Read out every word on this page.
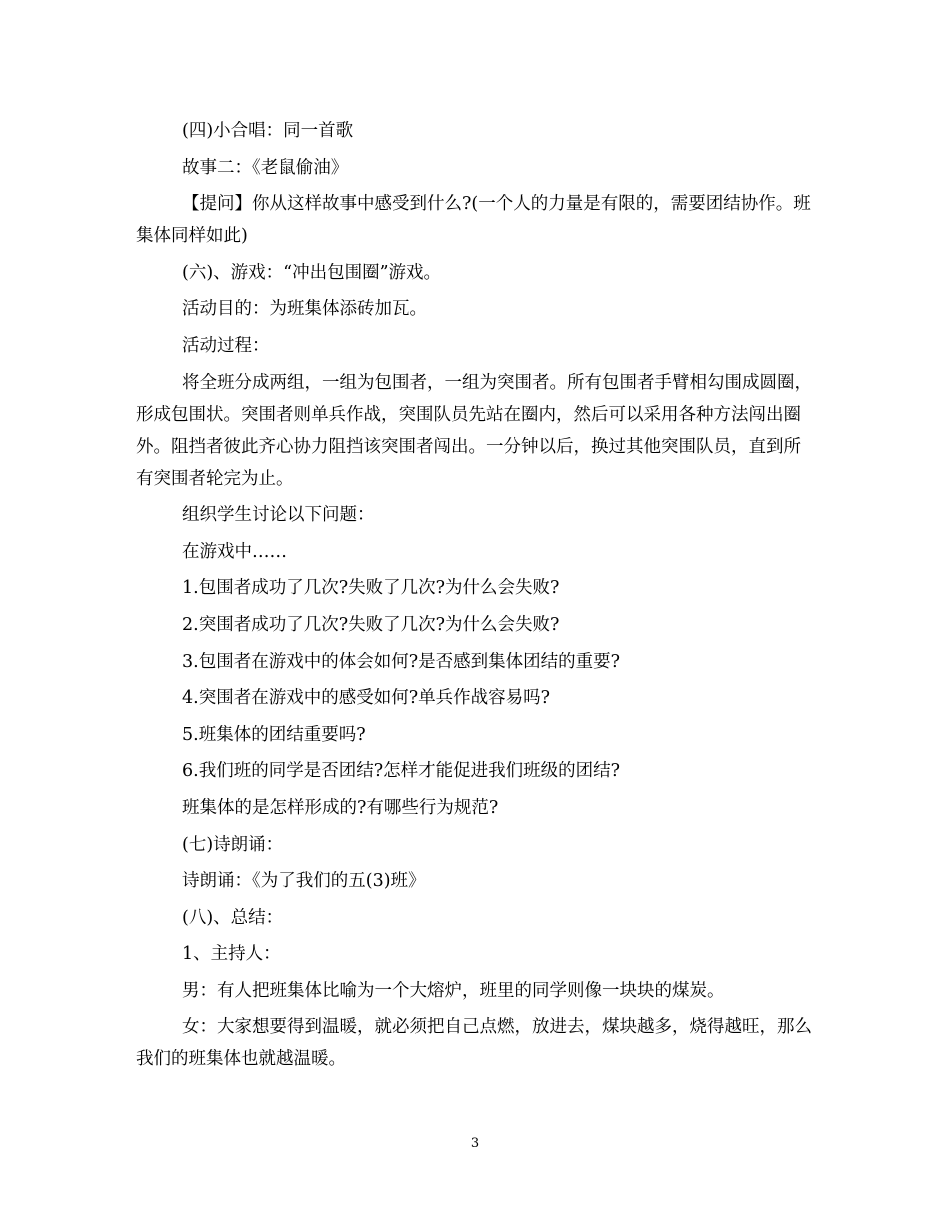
(四)小合唱：同一首歌

故事二：《老鼠偷油》

【提问】你从这样故事中感受到什么?(一个人的力量是有限的，需要团结协作。班集体同样如此)

(六)、游戏：“冲出包围圈”游戏。

活动目的：为班集体添砖加瓦。

活动过程：

将全班分成两组，一组为包围者，一组为突围者。所有包围者手臂相勾围成圆圈，形成包围状。突围者则单兵作战，突围队员先站在圈内，然后可以采用各种方法闯出圈外。阻挡者彼此齐心协力阻挡该突围者闯出。一分钟以后，换过其他突围队员，直到所有突围者轮完为止。

组织学生讨论以下问题：

在游戏中……

1.包围者成功了几次?失败了几次?为什么会失败?

2.突围者成功了几次?失败了几次?为什么会失败?

3.包围者在游戏中的体会如何?是否感到集体团结的重要?

4.突围者在游戏中的感受如何?单兵作战容易吗?

5.班集体的团结重要吗?

6.我们班的同学是否团结?怎样才能促进我们班级的团结?

班集体的是怎样形成的?有哪些行为规范?

(七)诗朗诵：

诗朗诵：《为了我们的五(3)班》

(八)、总结：

1、主持人：

男：有人把班集体比喻为一个大熔炉，班里的同学则像一块块的煤炭。

女：大家想要得到温暖，就必须把自己点燃，放进去，煤块越多，烧得越旺，那么我们的班集体也就越温暖。

3
